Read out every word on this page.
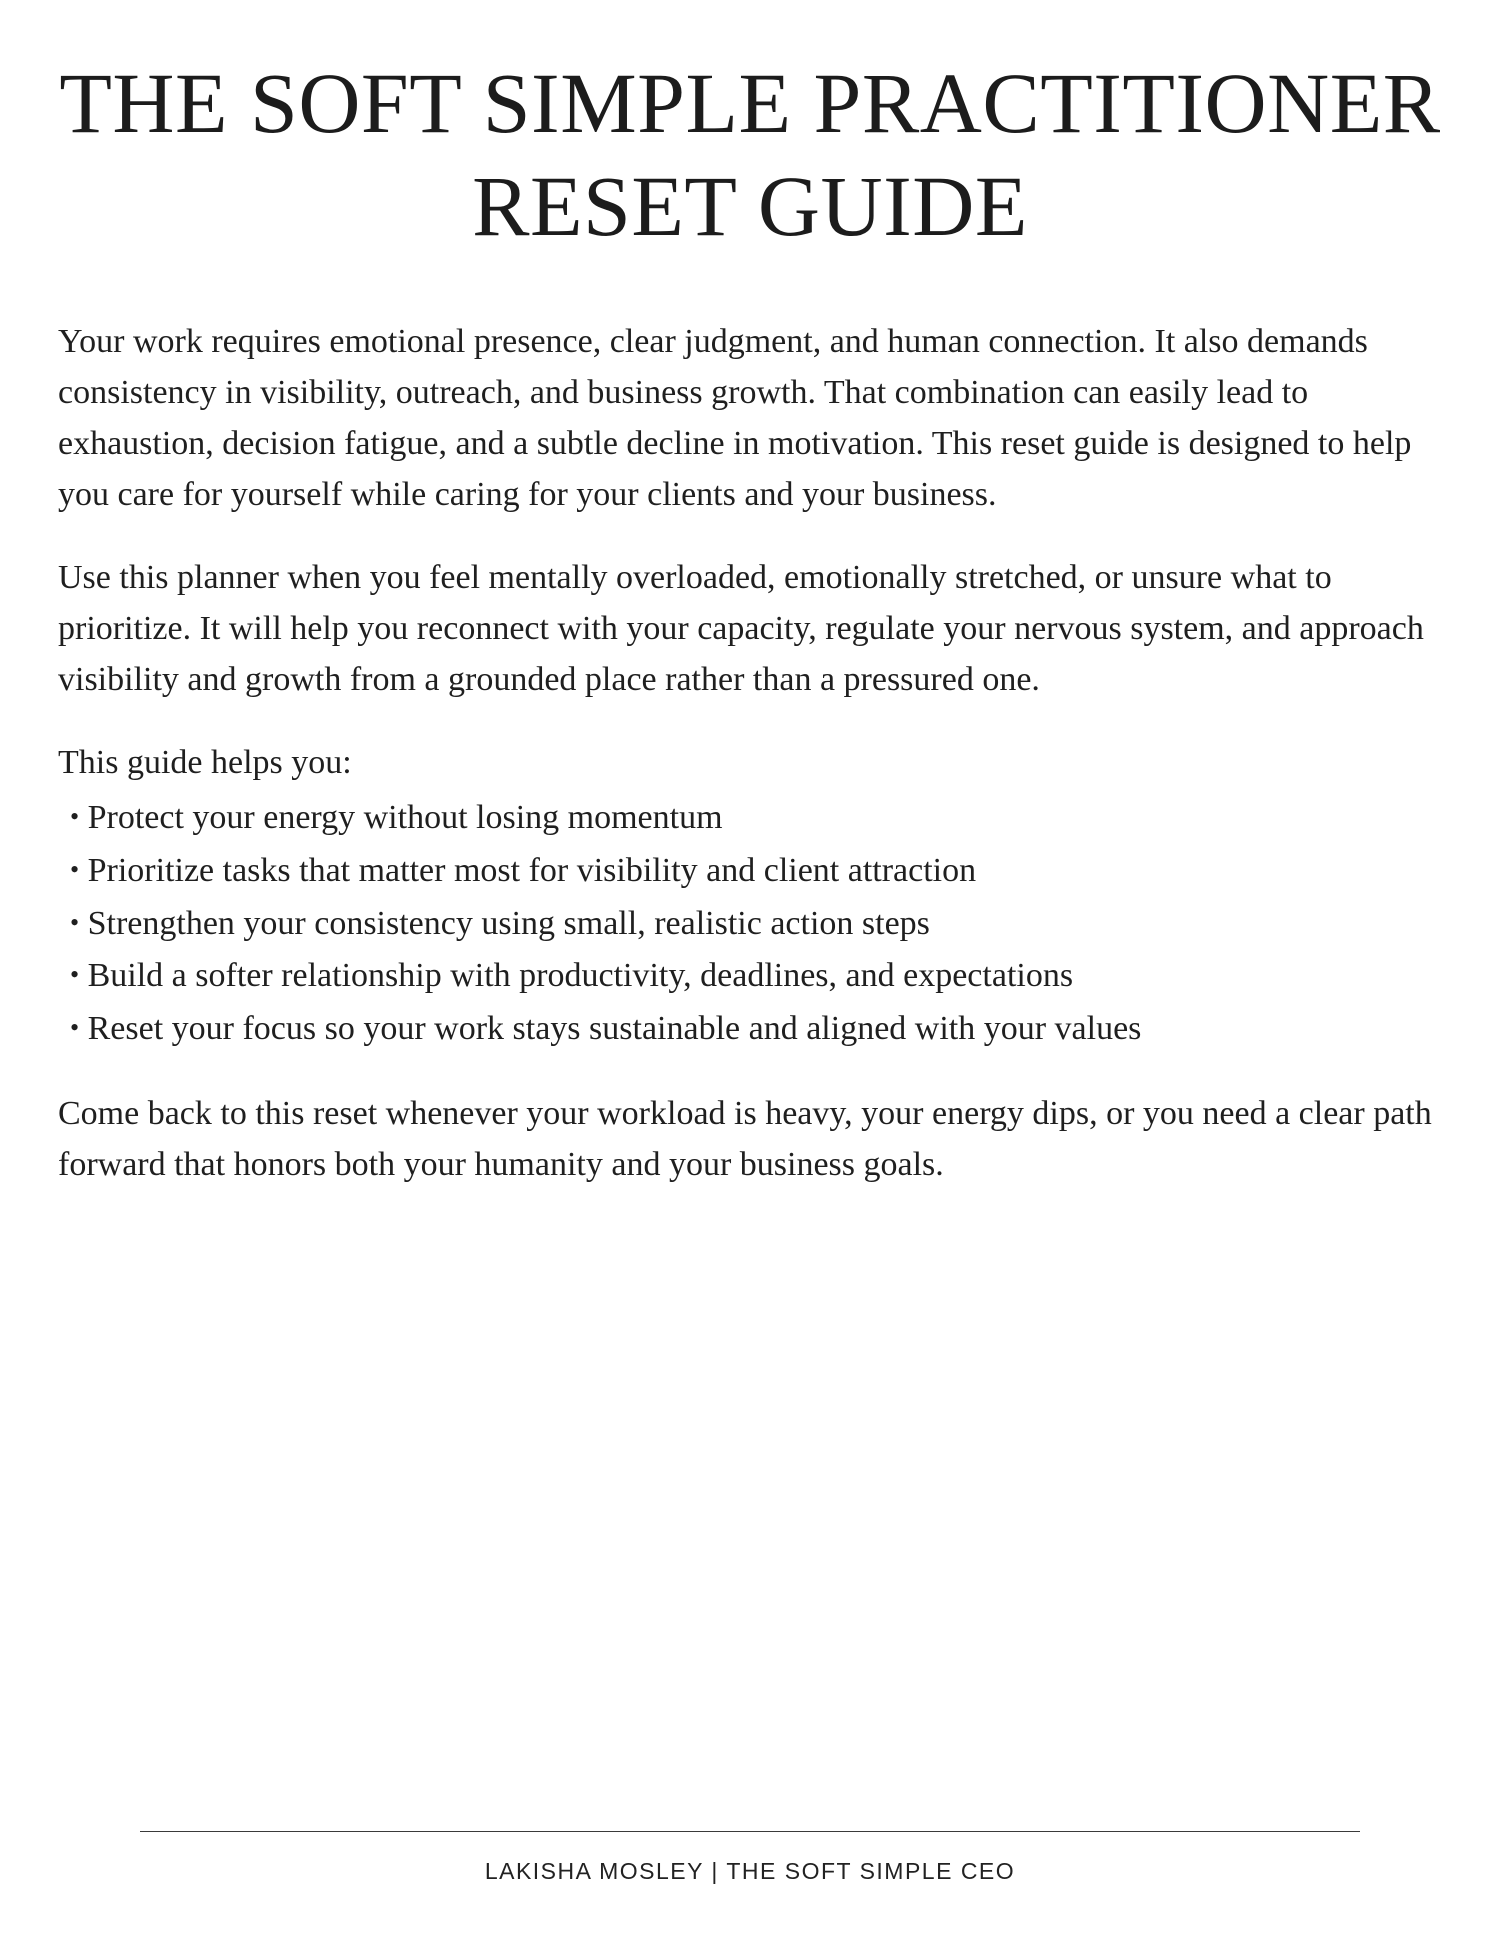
THE SOFT SIMPLE PRACTITIONER RESET GUIDE

Your work requires emotional presence, clear judgment, and human connection. It also demands consistency in visibility, outreach, and business growth. That combination can easily lead to exhaustion, decision fatigue, and a subtle decline in motivation. This reset guide is designed to help you care for yourself while caring for your clients and your business.

Use this planner when you feel mentally overloaded, emotionally stretched, or unsure what to prioritize. It will help you reconnect with your capacity, regulate your nervous system, and approach visibility and growth from a grounded place rather than a pressured one.

This guide helps you:

• Protect your energy without losing momentum
• Prioritize tasks that matter most for visibility and client attraction
• Strengthen your consistency using small, realistic action steps
• Build a softer relationship with productivity, deadlines, and expectations
• Reset your focus so your work stays sustainable and aligned with your values

Come back to this reset whenever your workload is heavy, your energy dips, or you need a clear path forward that honors both your humanity and your business goals.

LAKISHA MOSLEY | THE SOFT SIMPLE CEO
